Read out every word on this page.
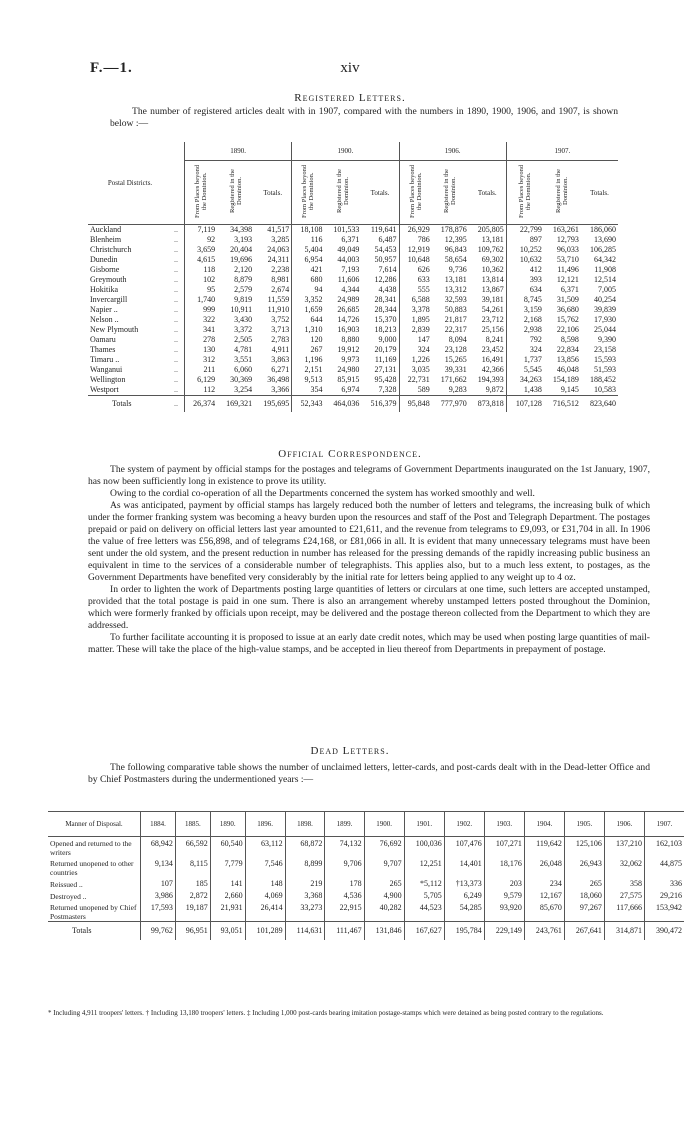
F.—1.	xiv
Registered Letters.

The number of registered articles dealt with in 1907, compared with the numbers in 1890, 1900, 1906, and 1907, is shown below :—

Postal Districts.		1890.			1900.			1906.			1907.		
		From Places beyond the Dominion.	Registered in the Dominion.	Totals.	From Places beyond the Dominion.	Registered in the Dominion.	Totals.	From Places beyond the Dominion.	Registered in the Dominion.	Totals.	From Places beyond the Dominion.	Registered in the Dominion.	Totals.
Auckland	..	7,119	34,398	41,517	18,108	101,533	119,641	26,929	178,876	205,805	22,799	163,261	186,060
Blenheim	..	92	3,193	3,285	116	6,371	6,487	786	12,395	13,181	897	12,793	13,690
Christchurch	..	3,659	20,404	24,063	5,404	49,049	54,453	12,919	96,843	109,762	10,252	96,033	106,285
Dunedin	..	4,615	19,696	24,311	6,954	44,003	50,957	10,648	58,654	69,302	10,632	53,710	64,342
Gisborne	..	118	2,120	2,238	421	7,193	7,614	626	9,736	10,362	412	11,496	11,908
Greymouth	..	102	8,879	8,981	680	11,606	12,286	633	13,181	13,814	393	12,121	12,514
Hokitika	..	95	2,579	2,674	94	4,344	4,438	555	13,312	13,867	634	6,371	7,005
Invercargill	..	1,740	9,819	11,559	3,352	24,989	28,341	6,588	32,593	39,181	8,745	31,509	40,254
Napier ..	..	999	10,911	11,910	1,659	26,685	28,344	3,378	50,883	54,261	3,159	36,680	39,839
Nelson ..	..	322	3,430	3,752	644	14,726	15,370	1,895	21,817	23,712	2,168	15,762	17,930
New Plymouth	..	341	3,372	3,713	1,310	16,903	18,213	2,839	22,317	25,156	2,938	22,106	25,044
Oamaru	..	278	2,505	2,783	120	8,880	9,000	147	8,094	8,241	792	8,598	9,390
Thames	..	130	4,781	4,911	267	19,912	20,179	324	23,128	23,452	324	22,834	23,158
Timaru ..	..	312	3,551	3,863	1,196	9,973	11,169	1,226	15,265	16,491	1,737	13,856	15,593
Wanganui	..	211	6,060	6,271	2,151	24,980	27,131	3,035	39,331	42,366	5,545	46,048	51,593
Wellington	..	6,129	30,369	36,498	9,513	85,915	95,428	22,731	171,662	194,393	34,263	154,189	188,452
Westport	..	112	3,254	3,366	354	6,974	7,328	589	9,283	9,872	1,438	9,145	10,583
Totals	..	26,374	169,321	195,695	52,343	464,036	516,379	95,848	777,970	873,818	107,128	716,512	823,640
Official Correspondence.

The system of payment by official stamps for the postages and telegrams of Government Departments inaugurated on the 1st January, 1907, has now been sufficiently long in existence to prove its utility.

Owing to the cordial co-operation of all the Departments concerned the system has worked smoothly and well.

As was anticipated, payment by official stamps has largely reduced both the number of letters and telegrams, the increasing bulk of which under the former franking system was becoming a heavy burden upon the resources and staff of the Post and Telegraph Department. The postages prepaid or paid on delivery on official letters last year amounted to £21,611, and the revenue from telegrams to £9,093, or £31,704 in all. In 1906 the value of free letters was £56,898, and of telegrams £24,168, or £81,066 in all. It is evident that many unnecessary telegrams must have been sent under the old system, and the present reduction in number has released for the pressing demands of the rapidly increasing public business an equivalent in time to the services of a considerable number of telegraphists. This applies also, but to a much less extent, to postages, as the Government Departments have benefited very considerably by the initial rate for letters being applied to any weight up to 4 oz.

In order to lighten the work of Departments posting large quantities of letters or circulars at one time, such letters are accepted unstamped, provided that the total postage is paid in one sum. There is also an arrangement whereby unstamped letters posted throughout the Dominion, which were formerly franked by officials upon receipt, may be delivered and the postage thereon collected from the Department to which they are addressed.

To further facilitate accounting it is proposed to issue at an early date credit notes, which may be used when posting large quantities of mail-matter. These will take the place of the high-value stamps, and be accepted in lieu thereof from Departments in prepayment of postage.

Dead Letters.

The following comparative table shows the number of unclaimed letters, letter-cards, and post-cards dealt with in the Dead-letter Office and by Chief Postmasters during the undermentioned years :—

Manner of Disposal.	1884.	1885.	1890.	1896.	1898.	1899.	1900.	1901.	1902.	1903.	1904.	1905.	1906.	1907.
Opened and returned to the writers	68,942	66,592	60,540	63,112	68,872	74,132	76,692	100,036	107,476	107,271	119,642	125,106	137,210	162,103
Returned unopened to other countries	9,134	8,115	7,779	7,546	8,899	9,706	9,707	12,251	14,401	18,176	26,048	26,943	32,062	44,875
Reissued ..	107	185	141	148	219	178	265	*5,112	†13,373	203	234	265	358	336
Destroyed ..	3,986	2,872	2,660	4,069	3,368	4,536	4,900	5,705	6,249	9,579	12,167	18,060	27,575	29,216
Returned unopened by Chief Postmasters	17,593	19,187	21,931	26,414	33,273	22,915	40,282	44,523	54,285	93,920	85,670	97,267	117,666	153,942
Totals	99,762	96,951	93,051	101,289	114,631	111,467	131,846	167,627	195,784	229,149	243,761	267,641	314,871	390,472
* Including 4,911 troopers' letters. † Including 13,180 troopers' letters. ‡ Including 1,000 post-cards bearing imitation postage-stamps which were detained as being posted contrary to the regulations.
